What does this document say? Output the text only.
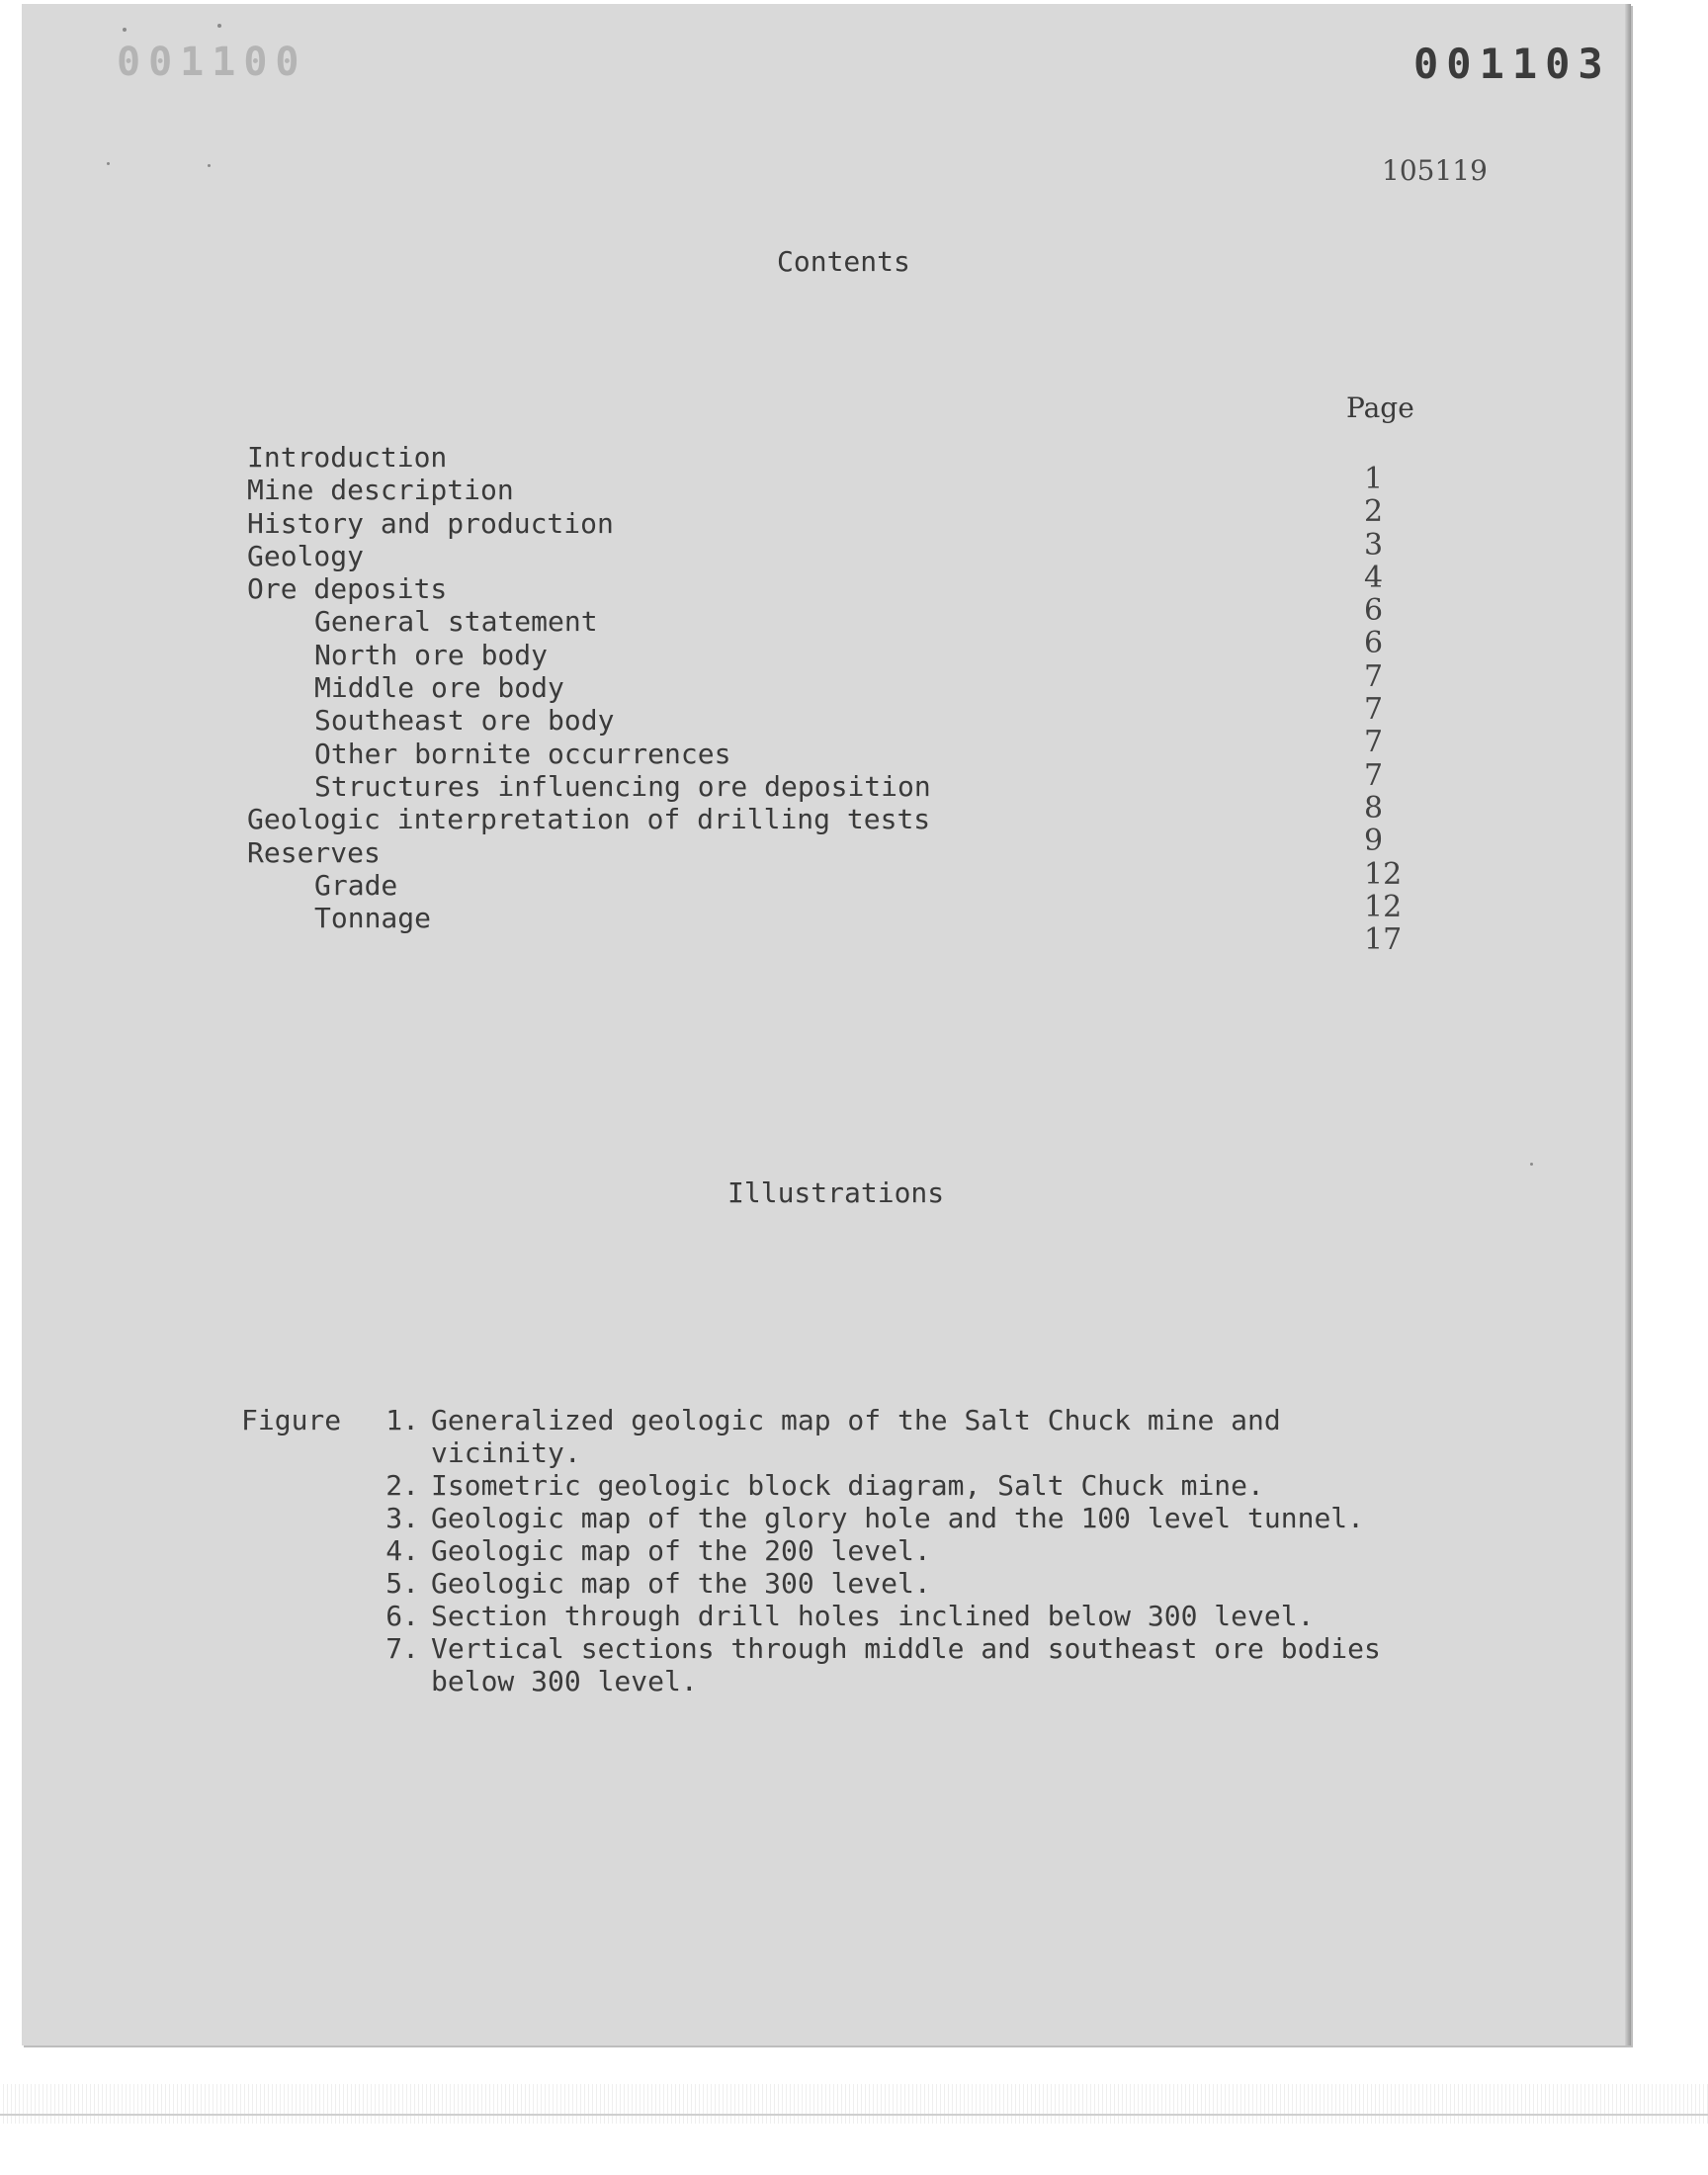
001100	001103
105119
Contents
Page
Introduction
1
Mine description
2
History and production
3
Geology
4
Ore deposits
6
General statement
6
North ore body
7
Middle ore body
7
Southeast ore body
7
Other bornite occurrences
7
Structures influencing ore deposition
8
Geologic interpretation of drilling tests
9
Reserves
12
Grade
12
Tonnage
17
Illustrations
Figure 1. Generalized geologic map of the Salt Chuck mine and vicinity.
2. Isometric geologic block diagram, Salt Chuck mine.
3. Geologic map of the glory hole and the 100 level tunnel.
4. Geologic map of the 200 level.
5. Geologic map of the 300 level.
6. Section through drill holes inclined below 300 level.
7. Vertical sections through middle and southeast ore bodies below 300 level.
